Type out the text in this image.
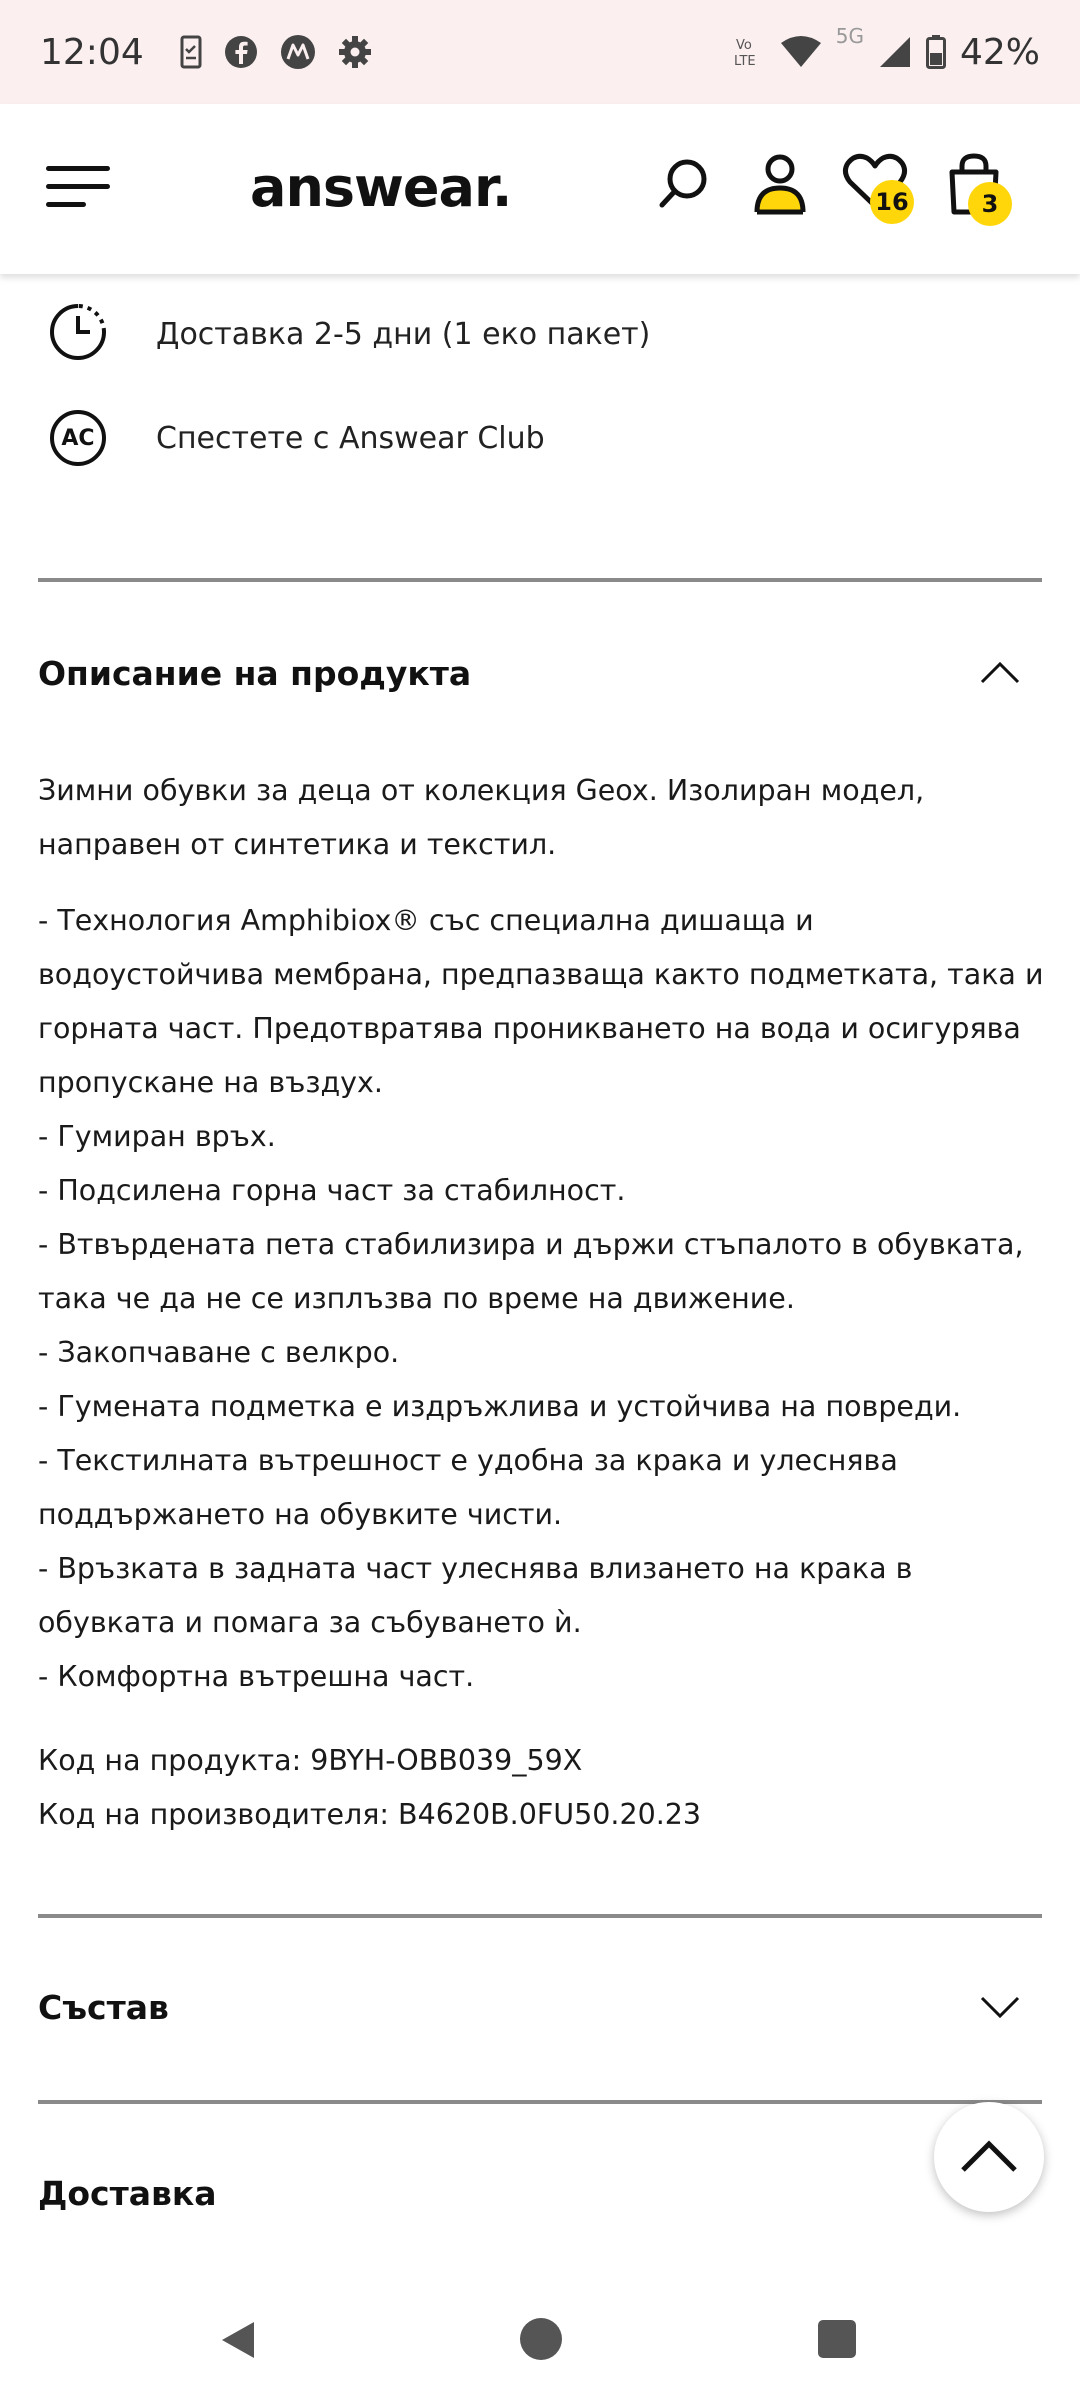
12:04	Vo
LTE
5G	42%
answear.	16	3
Доставка 2-5 дни (1 еко пакет)
AC	Спестете с Answear Club
Описание на продукта

Зимни обувки за деца от колекция Geox. Изолиран модел, направен от синтетика и текстил.

- Технология Amphibiox® със специална дишаща и водоустойчива мембрана, предпазваща както подметката, така и горната част. Предотвратява проникването на вода и осигурява пропускане на въздух.

- Гумиран връх.

- Подсилена горна част за стабилност.

- Втвърдената пета стабилизира и държи стъпалото в обувката, така че да не се изплъзва по време на движение.

- Закопчаване с велкро.

- Гумената подметка е издръжлива и устойчива на повреди.

- Текстилната вътрешност е удобна за крака и улеснява поддържането на обувките чисти.

- Връзката в задната част улеснява влизането на крака в обувката и помага за събуването ѝ.

- Комфортна вътрешна част.

Код на продукта: 9BYH-OBB039_59X

Код на производителя: B4620B.0FU50.20.23

Състав
Доставка
